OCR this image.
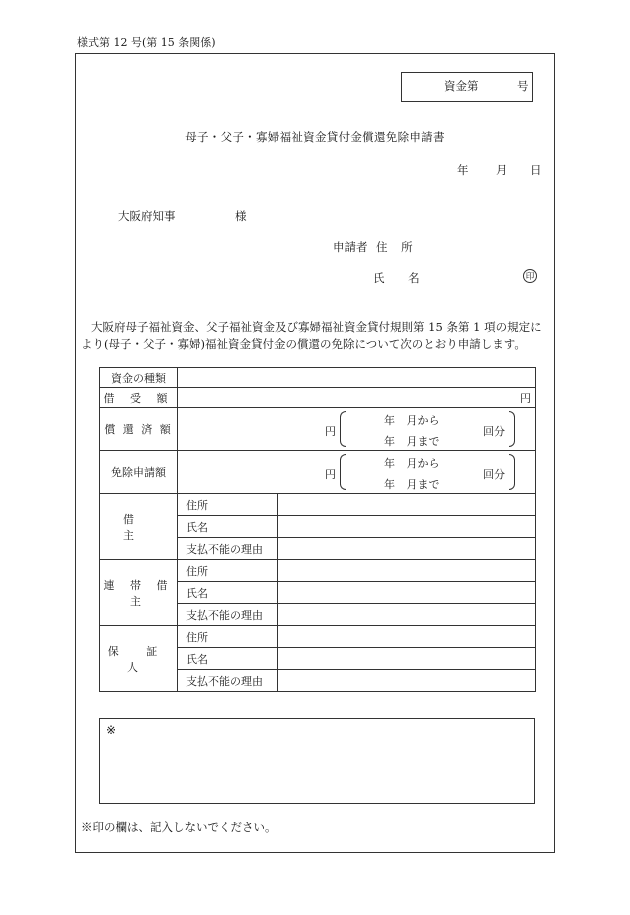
様式第 12 号(第 15 条関係)
資金第	号
母子・父子・寡婦福祉資金貸付金償還免除申請書
年 月 日
大阪府知事	様
申請者 住 所
氏 名	印
大阪府母子福祉資金、父子福祉資金及び寡婦福祉資金貸付規則第 15 条第 1 項の規定に
より(母子・父子・寡婦)福祉資金貸付金の償還の免除について次のとおり申請します。
資金の種類		
借 受 額	円	
償 還 済 額	円
年 月から
年 月まで
回分	

免除申請額	円
年 月から
年 月まで
回分	

借 主	住所	

	氏名	

	支払不能の理由	
連 帯 借 主	住所	

	氏名	

	支払不能の理由	
保 証 人	住所	

	氏名	

	支払不能の理由	
※
※印の欄は、記入しないでください。
